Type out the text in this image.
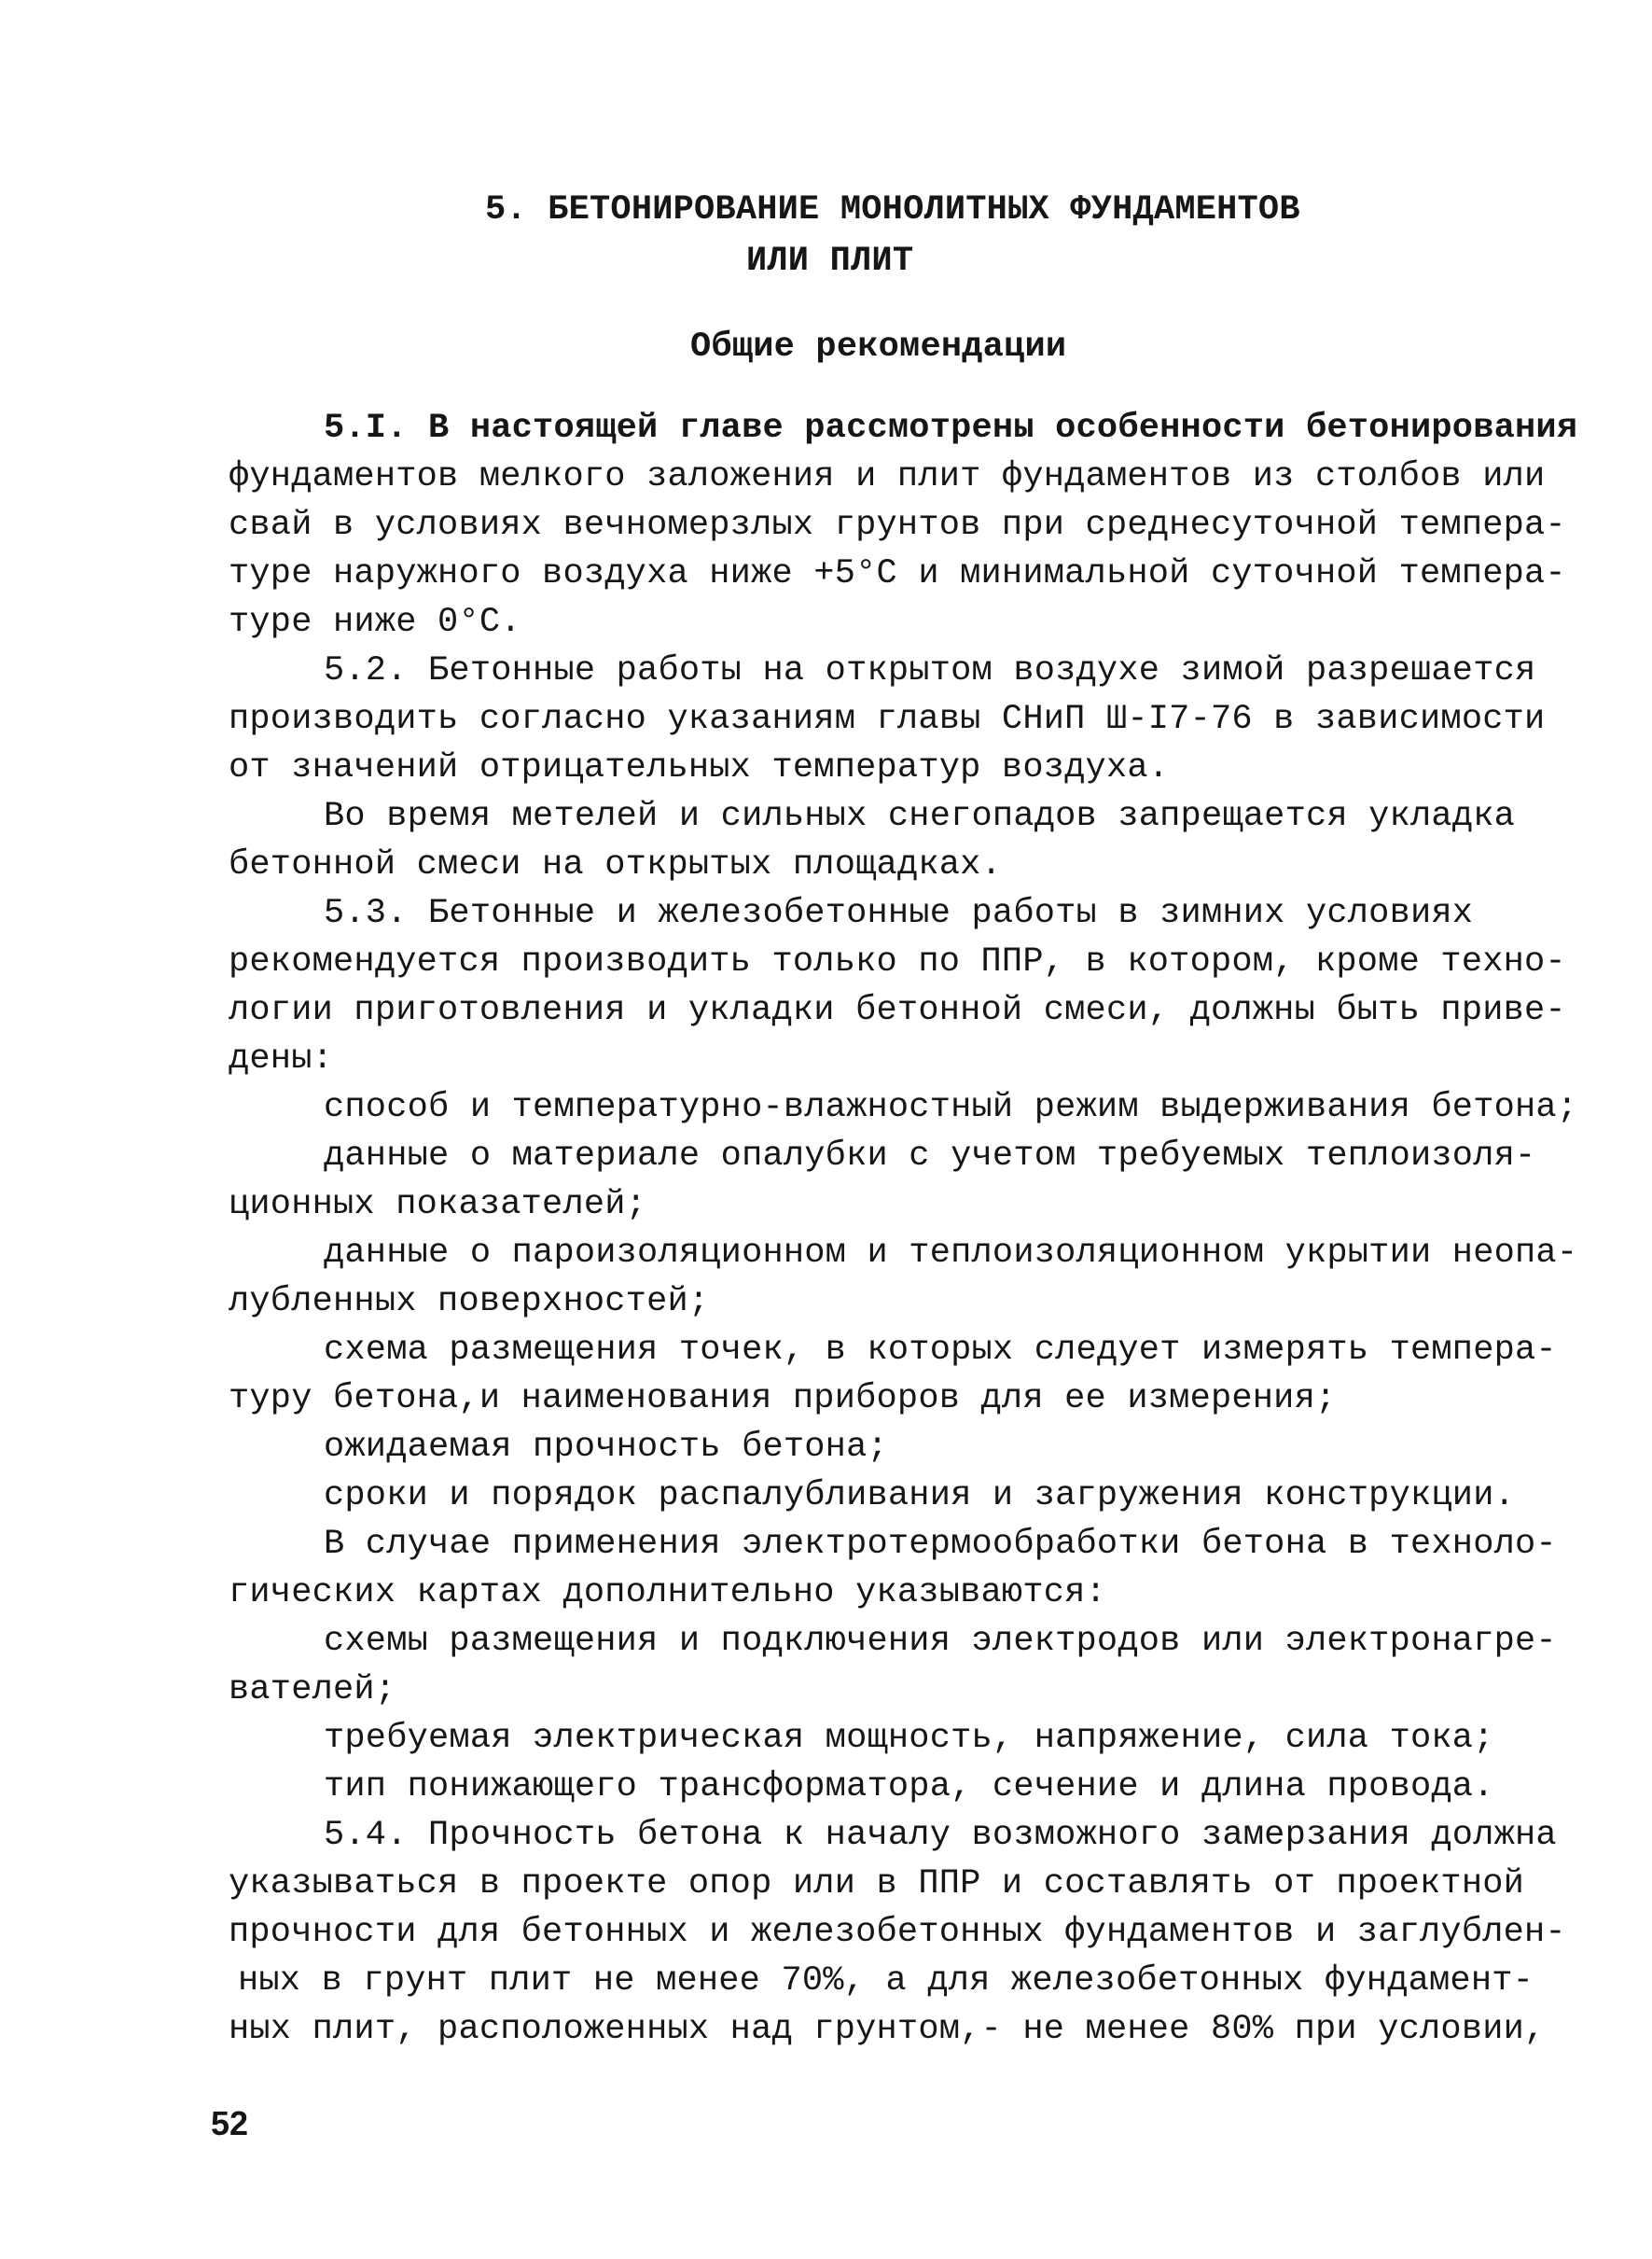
5. БЕТОНИРОВАНИЕ МОНОЛИТНЫХ ФУНДАМЕНТОВ
ИЛИ ПЛИТ
Общие рекомендации
5.I. В настоящей главе рассмотрены особенности бетонирования
фундаментов мелкого заложения и плит фундаментов из столбов или
свай в условиях вечномерзлых грунтов при среднесуточной темпера-
туре наружного воздуха ниже +5°С и минимальной суточной темпера-
туре ниже 0°С.
5.2. Бетонные работы на открытом воздухе зимой разрешается
производить согласно указаниям главы СНиП Ш-I7-76 в зависимости
от значений отрицательных температур воздуха.
Во время метелей и сильных снегопадов запрещается укладка
бетонной смеси на открытых площадках.
5.3. Бетонные и железобетонные работы в зимних условиях
рекомендуется производить только по ППР, в котором, кроме техно-
логии приготовления и укладки бетонной смеси, должны быть приве-
дены:
способ и температурно-влажностный режим выдерживания бетона;
данные о материале опалубки с учетом требуемых теплоизоля-
ционных показателей;
данные о пароизоляционном и теплоизоляционном укрытии неопа-
лубленных поверхностей;
схема размещения точек, в которых следует измерять темпера-
туру бетона,и наименования приборов для ее измерения;
ожидаемая прочность бетона;
сроки и порядок распалубливания и загружения конструкции.
В случае применения электротермообработки бетона в техноло-
гических картах дополнительно указываются:
схемы размещения и подключения электродов или электронагре-
вателей;
требуемая электрическая мощность, напряжение, сила тока;
тип понижающего трансформатора, сечение и длина провода.
5.4. Прочность бетона к началу возможного замерзания должна
указываться в проекте опор или в ППР и составлять от проектной
прочности для бетонных и железобетонных фундаментов и заглублен-
ных в грунт плит не менее 70%, а для железобетонных фундамент-
ных плит, расположенных над грунтом,- не менее 80% при условии,
52
